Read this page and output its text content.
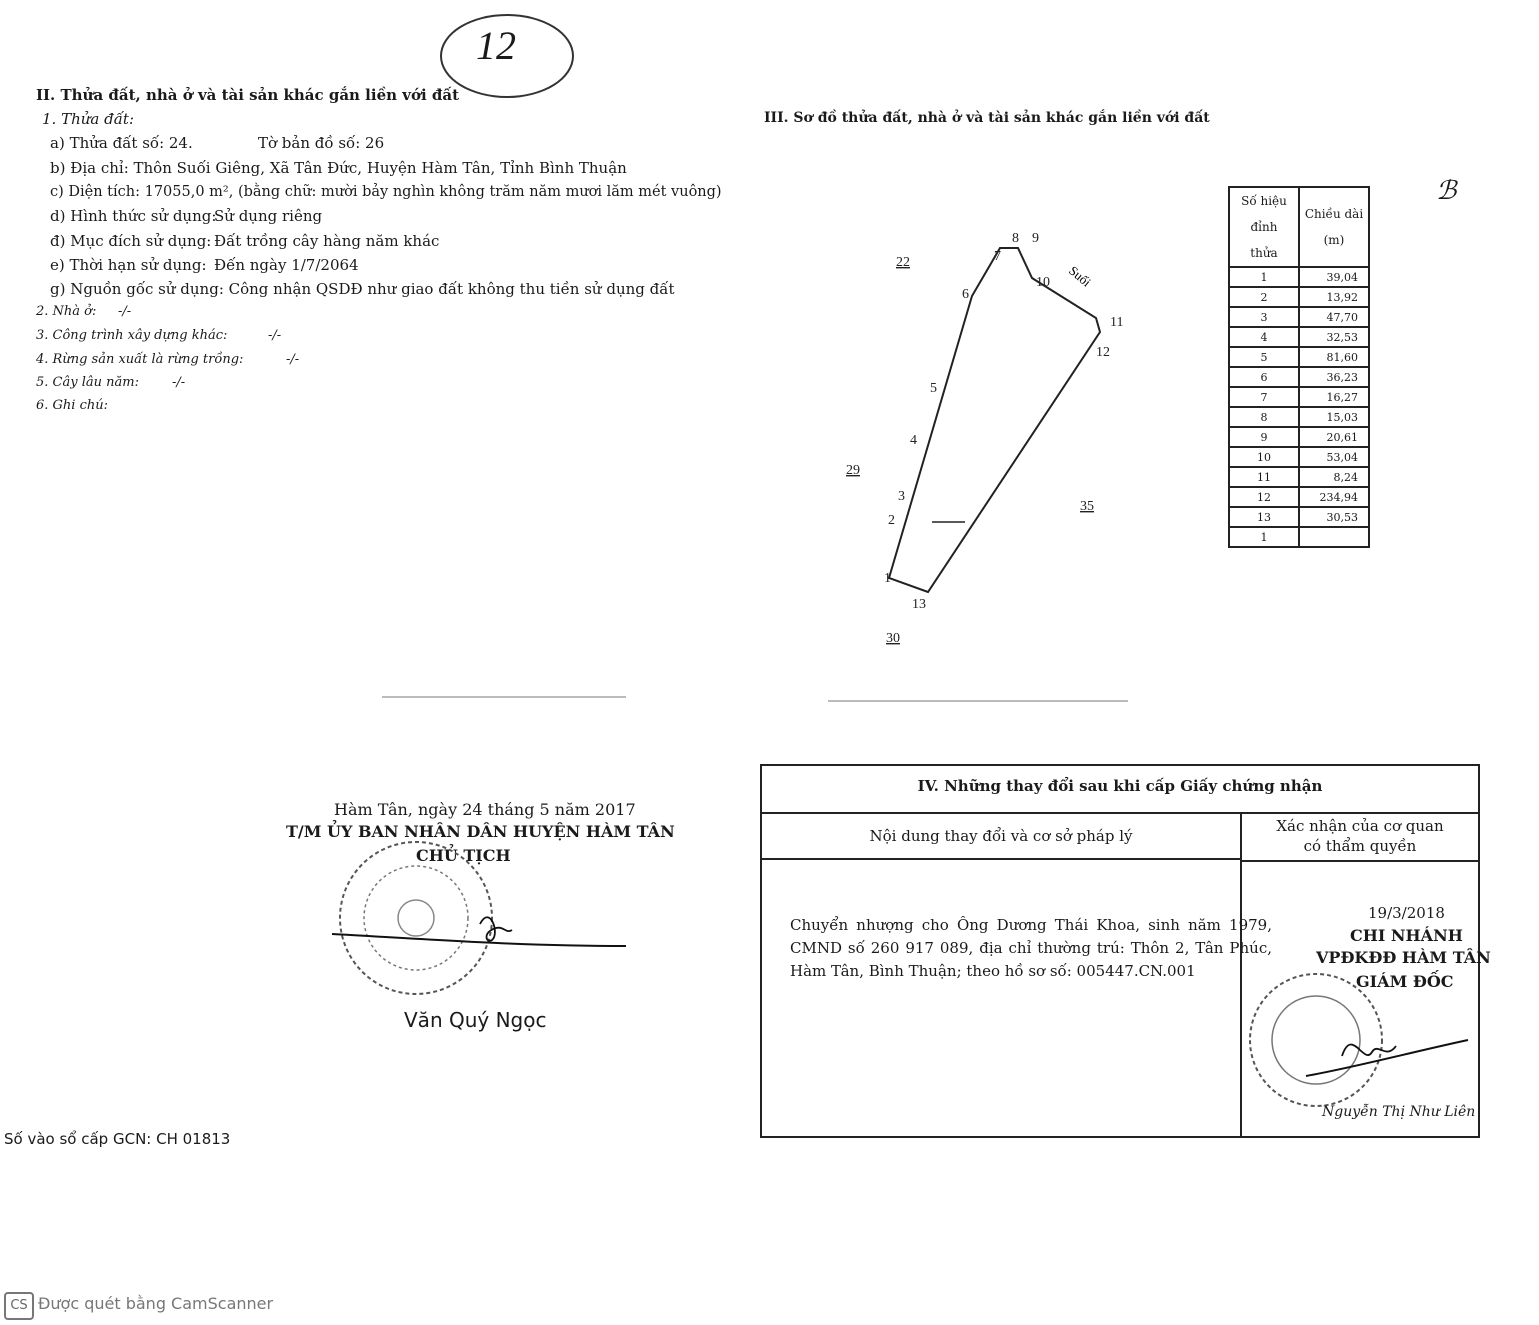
12
II. Thửa đất, nhà ở và tài sản khác gắn liền với đất
1. Thửa đất:
a) Thửa đất số: 24.	Tờ bản đồ số: 26
b) Địa chỉ: Thôn Suối Giêng, Xã Tân Đức, Huyện Hàm Tân, Tỉnh Bình Thuận
c) Diện tích: 17055,0 m², (bằng chữ: mười bảy nghìn không trăm năm mươi lăm mét vuông)
d) Hình thức sử dụng:
Sử dụng riêng
đ) Mục đích sử dụng: Đất trồng cây hàng năm khác
e) Thời hạn sử dụng: Đến ngày 1/7/2064
g) Nguồn gốc sử dụng: Công nhận QSDĐ như giao đất không thu tiền sử dụng đất
2. Nhà ở: -/-
3. Công trình xây dựng khác:	-/-
4. Rừng sản xuất là rừng trồng:	-/-
5. Cây lâu năm:	-/-
6. Ghi chú:
III. Sơ đồ thửa đất, nhà ở và tài sản khác gắn liền với đất
1
2
3
4
5
6
7
8 9
10
11
12
13
22
29
35
30
Suối
Số hiệu đỉnh thửa	Chiều dài (m)
1	39,04
2	13,92
3	47,70
4	32,53
5	81,60
6	36,23
7	16,27
8	15,03
9	20,61
10	53,04
11	8,24
12	234,94
13	30,53
1	
ℬ
Hàm Tân, ngày 24 tháng 5 năm 2017
T/M ỦY BAN NHÂN DÂN HUYỆN HÀM TÂN
CHỦ TỊCH
Văn Quý Ngọc
IV. Những thay đổi sau khi cấp Giấy chứng nhận
Nội dung thay đổi và cơ sở pháp lý
Xác nhận của cơ quan
có thẩm quyền
Chuyển nhượng cho Ông Dương Thái Khoa, sinh năm 1979, CMND số 260 917 089, địa chỉ thường trú: Thôn 2, Tân Phúc, Hàm Tân, Bình Thuận; theo hồ sơ số: 005447.CN.001
19/3/2018
CHI NHÁNH
VPĐKĐĐ HÀM TÂN
GIÁM ĐỐC
Nguyễn Thị Như Liên
Số vào sổ cấp GCN: CH 01813
CS Được quét bằng CamScanner
